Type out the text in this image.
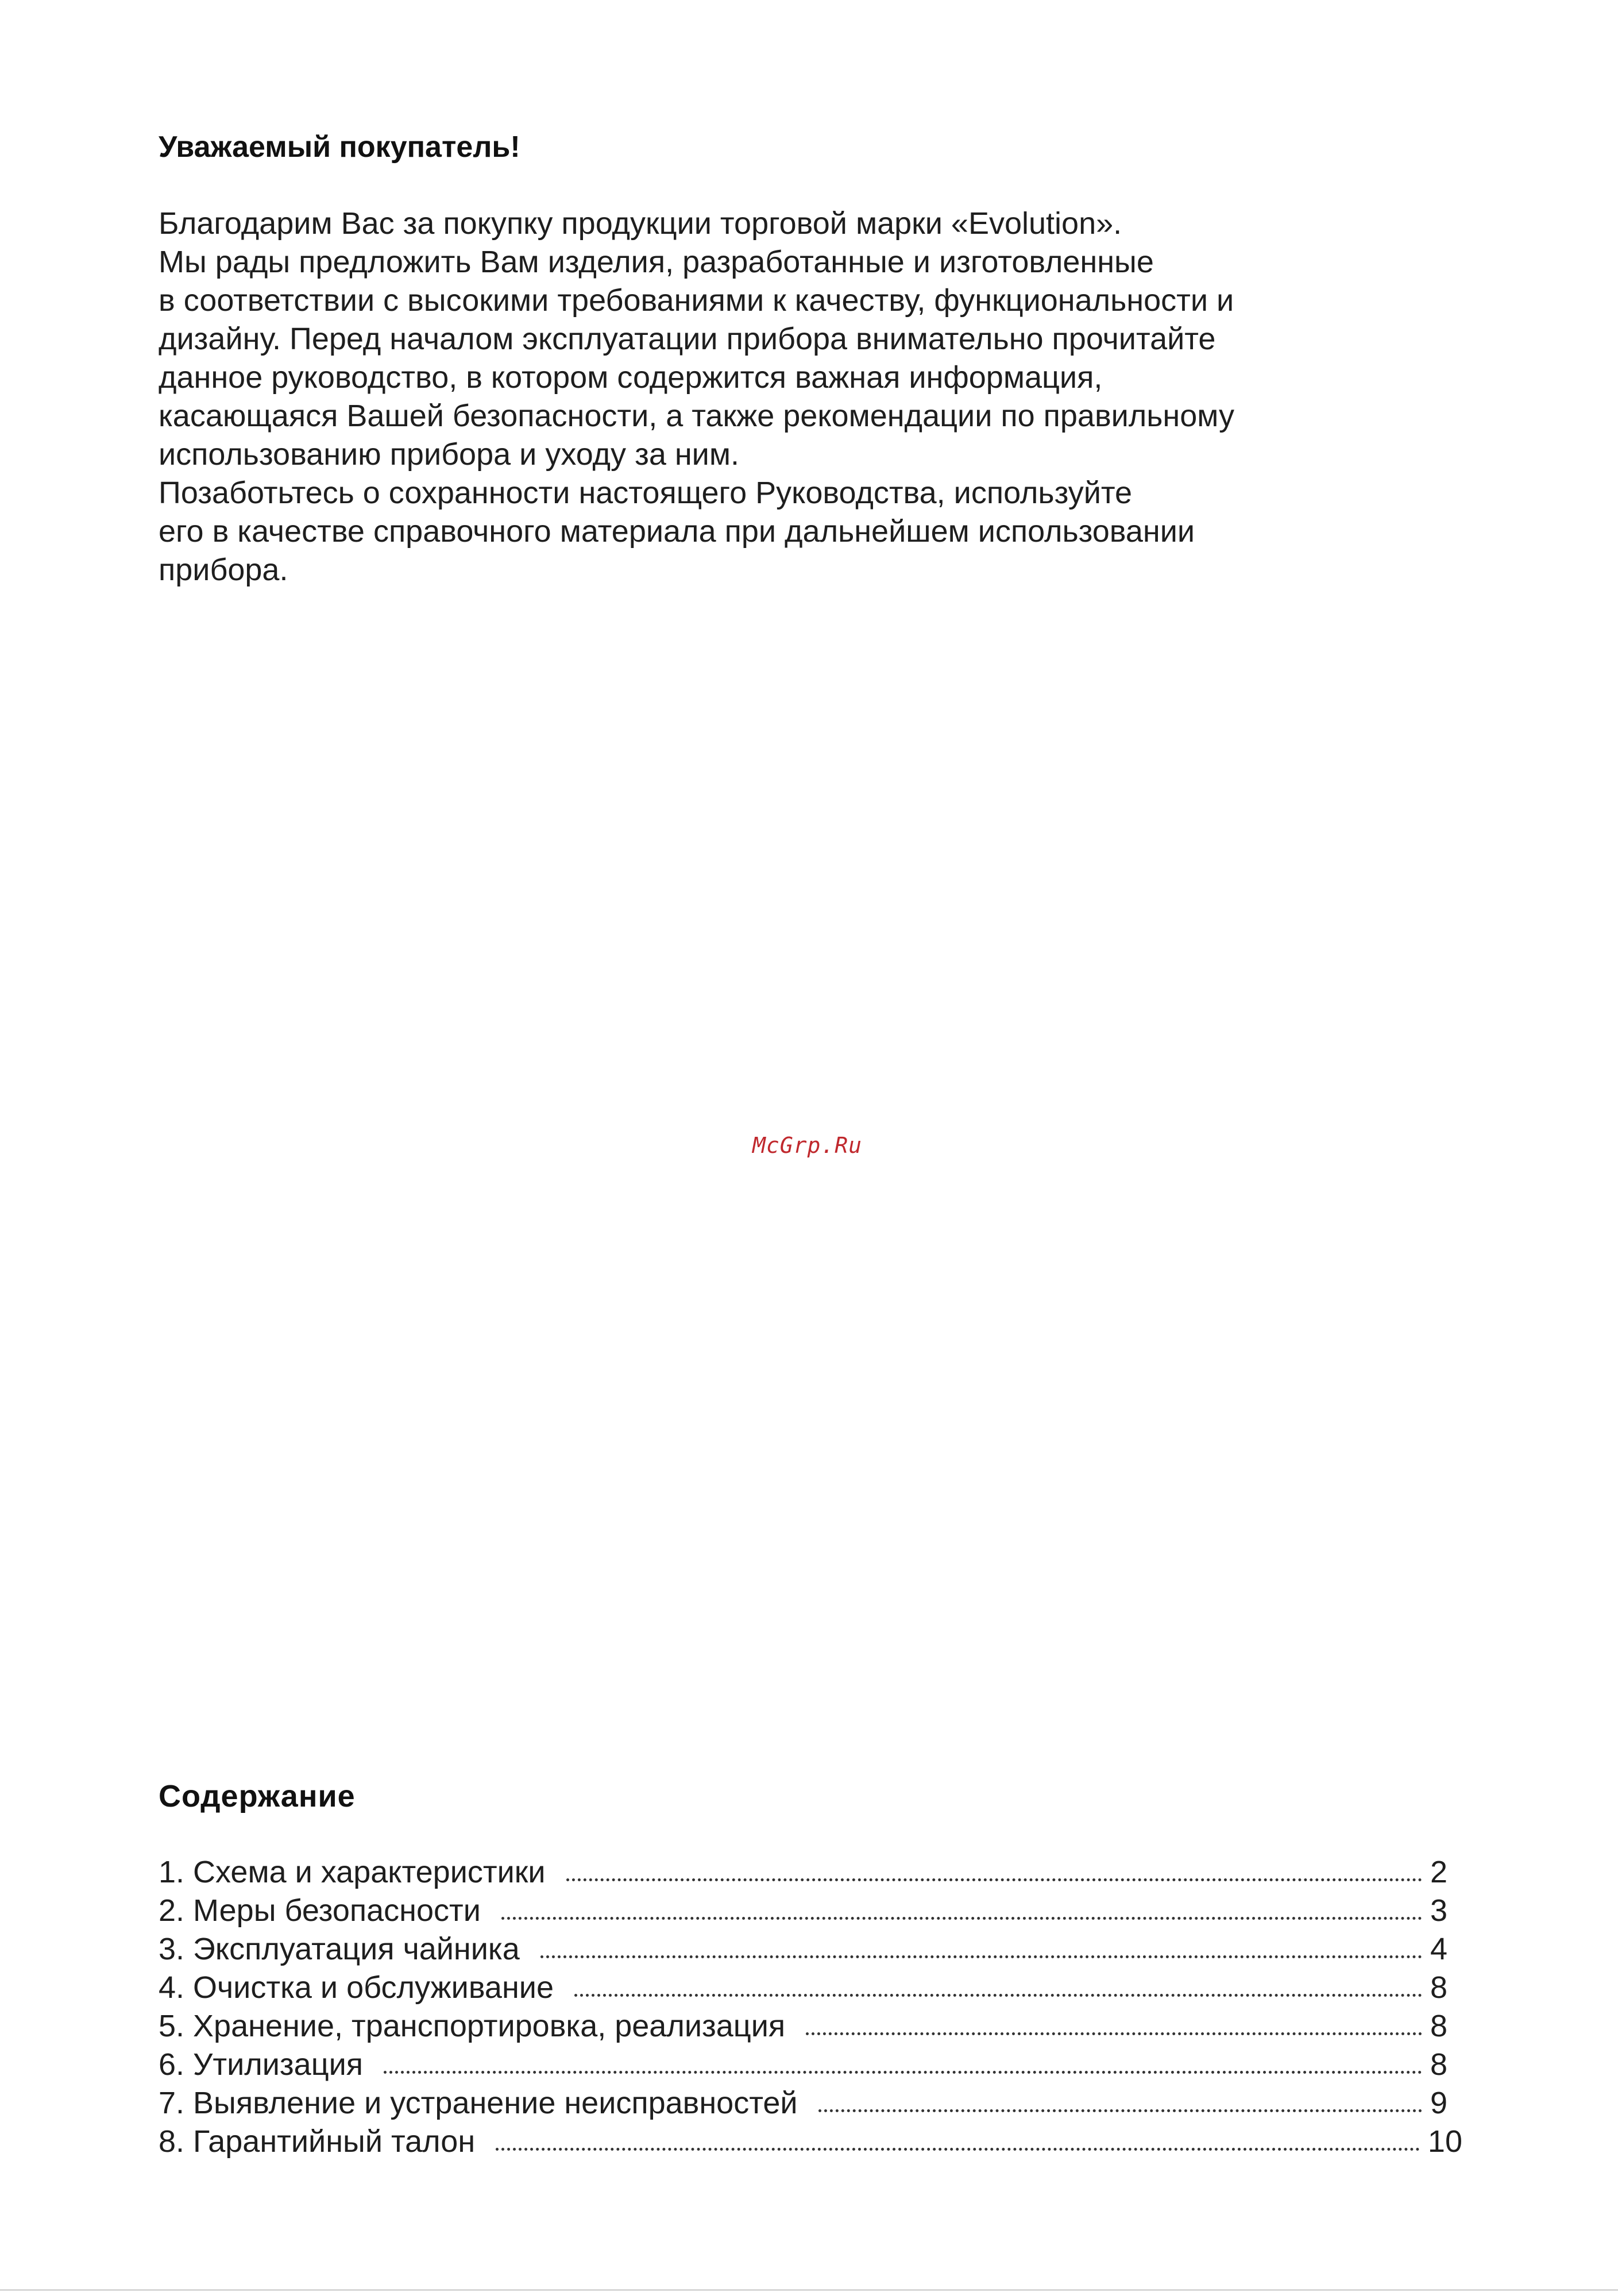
Уважаемый покупатель!
Благодарим Вас за покупку продукции торговой марки «Evolution».
Мы рады предложить Вам изделия, разработанные и изготовленные
в соответствии с высокими требованиями к качеству, функциональности и
дизайну. Перед началом эксплуатации прибора внимательно прочитайте
данное руководство, в котором содержится важная информация,
касающаяся Вашей безопасности, а также рекомендации по правильному
использованию прибора и уходу за ним.
Позаботьтесь о сохранности настоящего Руководства, используйте
его в качестве справочного материала при дальнейшем использовании
прибора.
McGrp.Ru
Содержание
1. Схема и характеристики	2
2. Меры безопасности	3
3. Эксплуатация чайника	4
4. Очистка и обслуживание	8
5. Хранение, транспортировка, реализация	8
6. Утилизация	8
7. Выявление и устранение неисправностей	9
8. Гарантийный талон	10
